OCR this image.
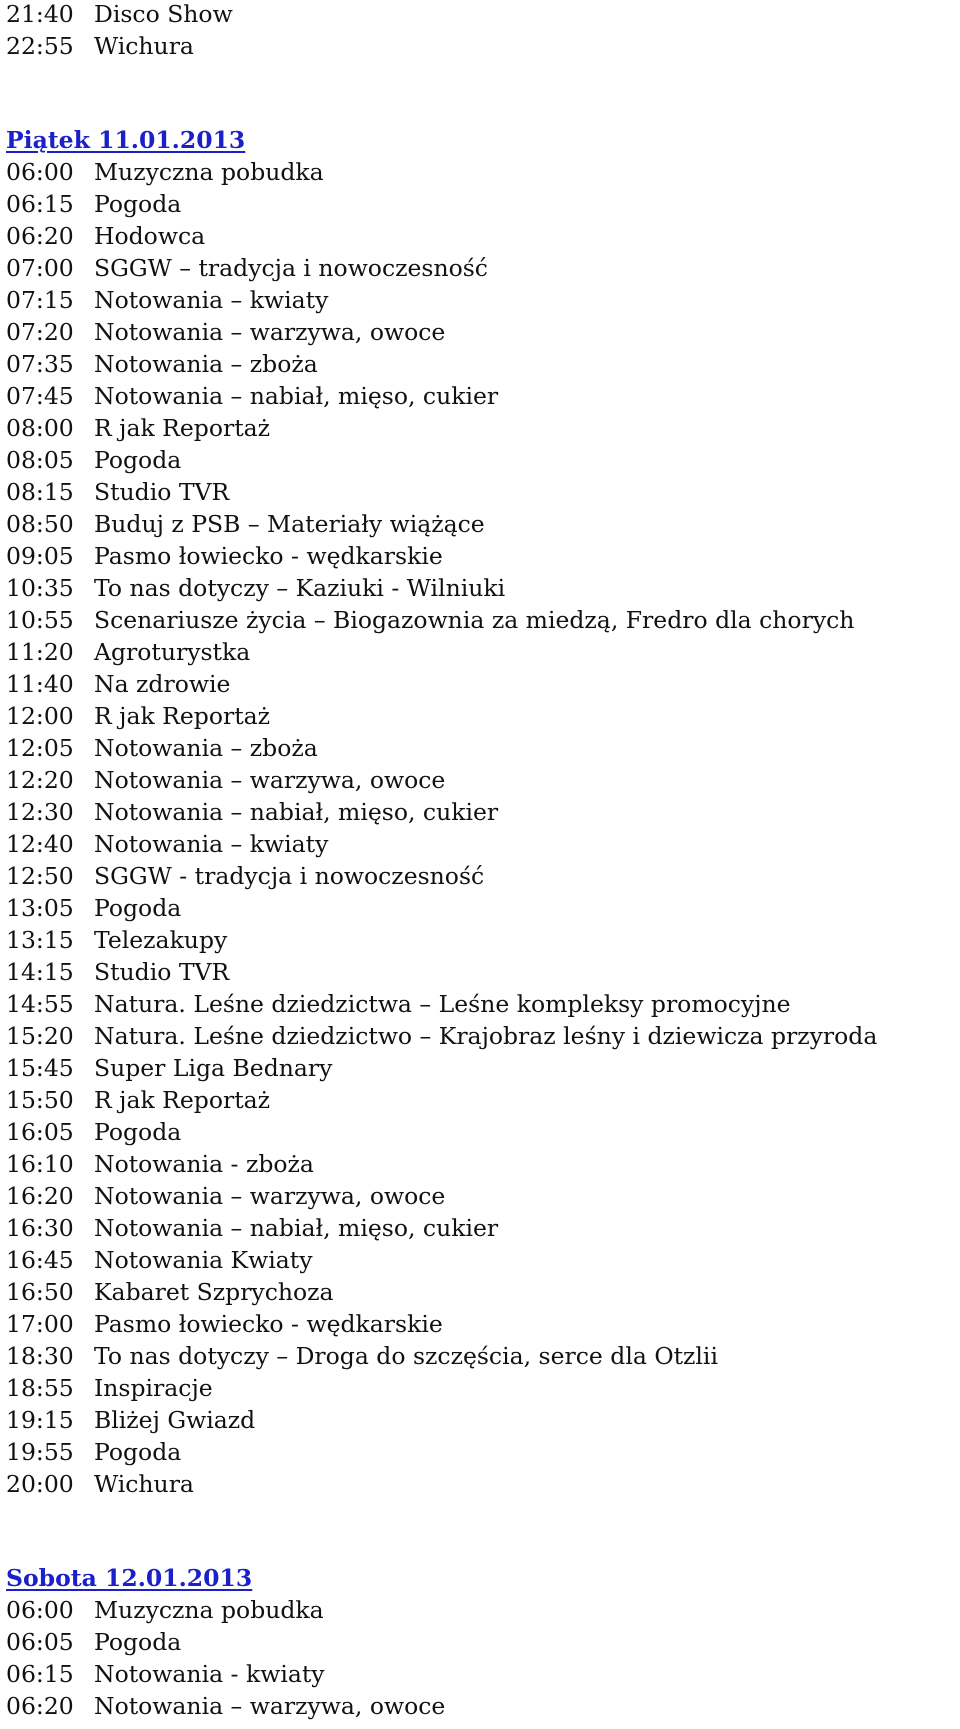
21:40 Disco Show
22:55 Wichura
Piątek 11.01.2013
06:00 Muzyczna pobudka
06:15 Pogoda
06:20 Hodowca
07:00 SGGW – tradycja i nowoczesność
07:15 Notowania – kwiaty
07:20 Notowania – warzywa, owoce
07:35 Notowania – zboża
07:45 Notowania – nabiał, mięso, cukier
08:00 R jak Reportaż
08:05 Pogoda
08:15 Studio TVR
08:50 Buduj z PSB – Materiały wiążące
09:05 Pasmo łowiecko - wędkarskie
10:35 To nas dotyczy – Kaziuki - Wilniuki
10:55 Scenariusze życia – Biogazownia za miedzą, Fredro dla chorych
11:20 Agroturystka
11:40 Na zdrowie
12:00 R jak Reportaż
12:05 Notowania – zboża
12:20 Notowania – warzywa, owoce
12:30 Notowania – nabiał, mięso, cukier
12:40 Notowania – kwiaty
12:50 SGGW - tradycja i nowoczesność
13:05 Pogoda
13:15 Telezakupy
14:15 Studio TVR
14:55 Natura. Leśne dziedzictwa – Leśne kompleksy promocyjne
15:20 Natura. Leśne dziedzictwo – Krajobraz leśny i dziewicza przyroda
15:45 Super Liga Bednary
15:50 R jak Reportaż
16:05 Pogoda
16:10 Notowania - zboża
16:20 Notowania – warzywa, owoce
16:30 Notowania – nabiał, mięso, cukier
16:45 Notowania Kwiaty
16:50 Kabaret Szprychoza
17:00 Pasmo łowiecko - wędkarskie
18:30 To nas dotyczy – Droga do szczęścia, serce dla Otzlii
18:55 Inspiracje
19:15 Bliżej Gwiazd
19:55 Pogoda
20:00 Wichura
Sobota 12.01.2013
06:00 Muzyczna pobudka
06:05 Pogoda
06:15 Notowania - kwiaty
06:20 Notowania – warzywa, owoce
